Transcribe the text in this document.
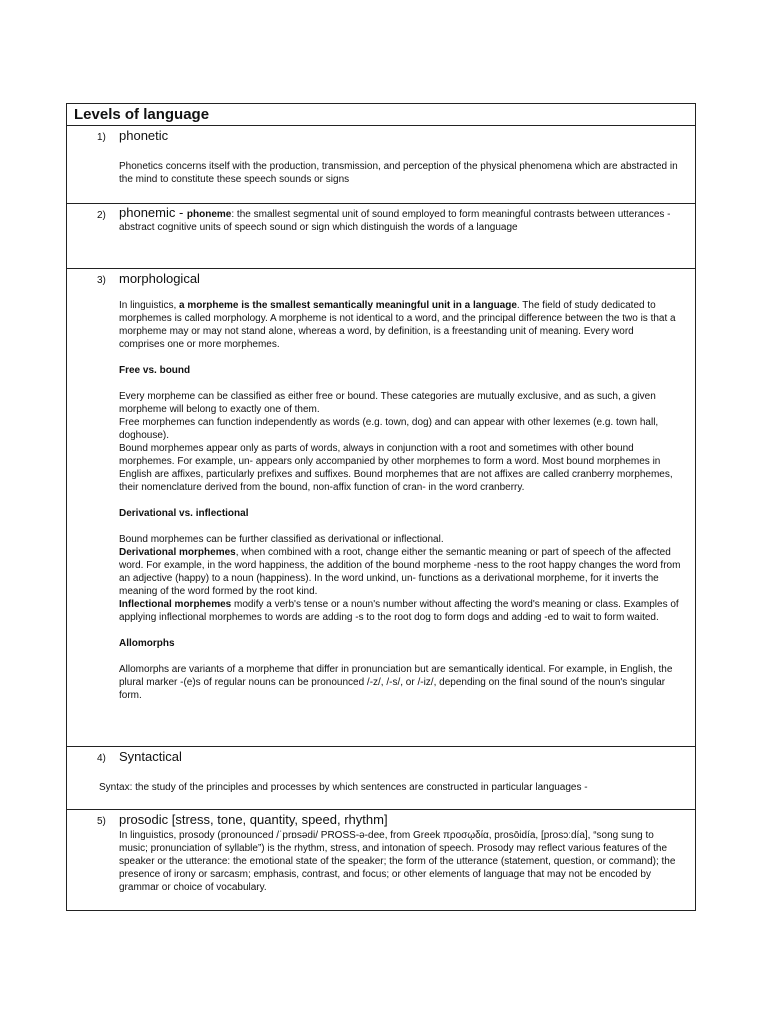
Levels of language
1) phonetic

Phonetics concerns itself with the production, transmission, and perception of the physical phenomena which are abstracted in the mind to constitute these speech sounds or signs

2) phonemic - phoneme: the smallest segmental unit of sound employed to form meaningful contrasts between utterances - abstract cognitive units of speech sound or sign which distinguish the words of a language
3) morphological

In linguistics, a morpheme is the smallest semantically meaningful unit in a language. The field of study dedicated to morphemes is called morphology. A morpheme is not identical to a word, and the principal difference between the two is that a morpheme may or may not stand alone, whereas a word, by definition, is a freestanding unit of meaning. Every word comprises one or more morphemes.

Free vs. bound

Every morpheme can be classified as either free or bound. These categories are mutually exclusive, and as such, a given morpheme will belong to exactly one of them.

Free morphemes can function independently as words (e.g. town, dog) and can appear with other lexemes (e.g. town hall, doghouse).

Bound morphemes appear only as parts of words, always in conjunction with a root and sometimes with other bound morphemes. For example, un- appears only accompanied by other morphemes to form a word. Most bound morphemes in English are affixes, particularly prefixes and suffixes. Bound morphemes that are not affixes are called cranberry morphemes, their nomenclature derived from the bound, non-affix function of cran- in the word cranberry.

Derivational vs. inflectional

Bound morphemes can be further classified as derivational or inflectional.

Derivational morphemes, when combined with a root, change either the semantic meaning or part of speech of the affected word. For example, in the word happiness, the addition of the bound morpheme -ness to the root happy changes the word from an adjective (happy) to a noun (happiness). In the word unkind, un- functions as a derivational morpheme, for it inverts the meaning of the word formed by the root kind.

Inflectional morphemes modify a verb's tense or a noun's number without affecting the word's meaning or class. Examples of applying inflectional morphemes to words are adding -s to the root dog to form dogs and adding -ed to wait to form waited.

Allomorphs

Allomorphs are variants of a morpheme that differ in pronunciation but are semantically identical. For example, in English, the plural marker -(e)s of regular nouns can be pronounced /-z/, /-s/, or /-iz/, depending on the final sound of the noun's singular form.

4) Syntactical

Syntax: the study of the principles and processes by which sentences are constructed in particular languages -

5) prosodic [stress, tone, quantity, speed, rhythm]

In linguistics, prosody (pronounced /ˈprɒsədi/ PROSS-ə-dee, from Greek προσῳδία, prosōidía, [prosɔːdía], “song sung to music; pronunciation of syllable”) is the rhythm, stress, and intonation of speech. Prosody may reflect various features of the speaker or the utterance: the emotional state of the speaker; the form of the utterance (statement, question, or command); the presence of irony or sarcasm; emphasis, contrast, and focus; or other elements of language that may not be encoded by grammar or choice of vocabulary.
